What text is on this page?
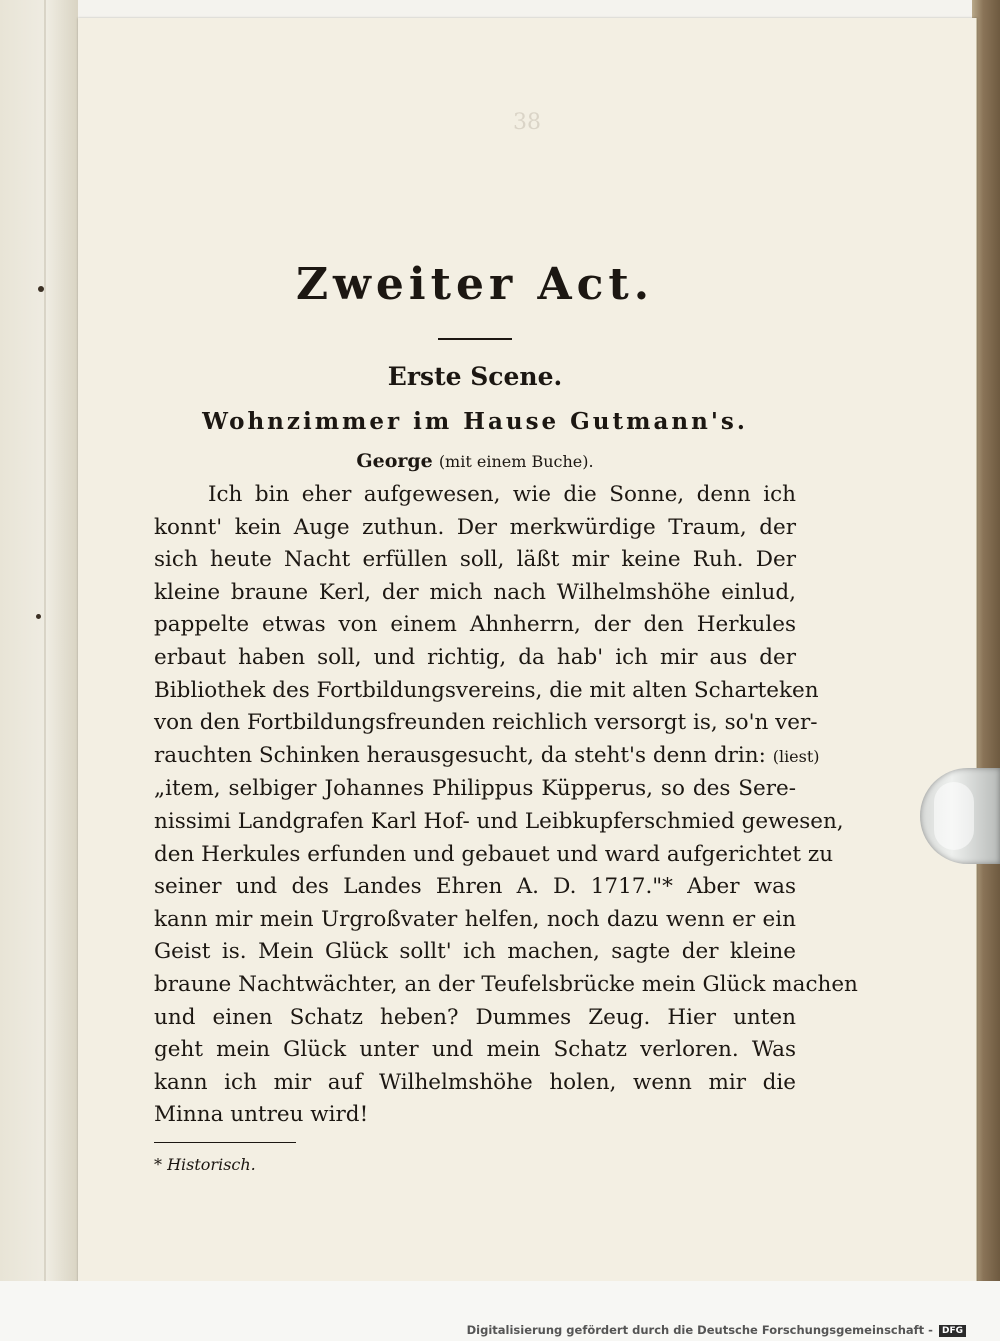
38
Zweiter Act.
Erste Scene.
Wohnzimmer im Hause Gutmann's.
George (mit einem Buche).
Ich bin eher aufgewesen, wie die Sonne, denn ich
konnt' kein Auge zuthun. Der merkwürdige Traum, der
sich heute Nacht erfüllen soll, läßt mir keine Ruh. Der
kleine braune Kerl, der mich nach Wilhelmshöhe einlud,
pappelte etwas von einem Ahnherrn, der den Herkules
erbaut haben soll, und richtig, da hab' ich mir aus der
Bibliothek des Fortbildungsvereins, die mit alten Scharteken
von den Fortbildungsfreunden reichlich versorgt is, so'n ver-
rauchten Schinken herausgesucht, da steht's denn drin: (liest)
„item, selbiger Johannes Philippus Küpperus, so des Sere-
nissimi Landgrafen Karl Hof- und Leibkupferschmied gewesen,
den Herkules erfunden und gebauet und ward aufgerichtet zu
seiner und des Landes Ehren A. D. 1717."* Aber was
kann mir mein Urgroßvater helfen, noch dazu wenn er ein
Geist is. Mein Glück sollt' ich machen, sagte der kleine
braune Nachtwächter, an der Teufelsbrücke mein Glück machen
und einen Schatz heben? Dummes Zeug. Hier unten
geht mein Glück unter und mein Schatz verloren. Was
kann ich mir auf Wilhelmshöhe holen, wenn mir die
Minna untreu wird!
* Historisch.
Digitalisierung gefördert durch die Deutsche Forschungsgemeinschaft - DFG
